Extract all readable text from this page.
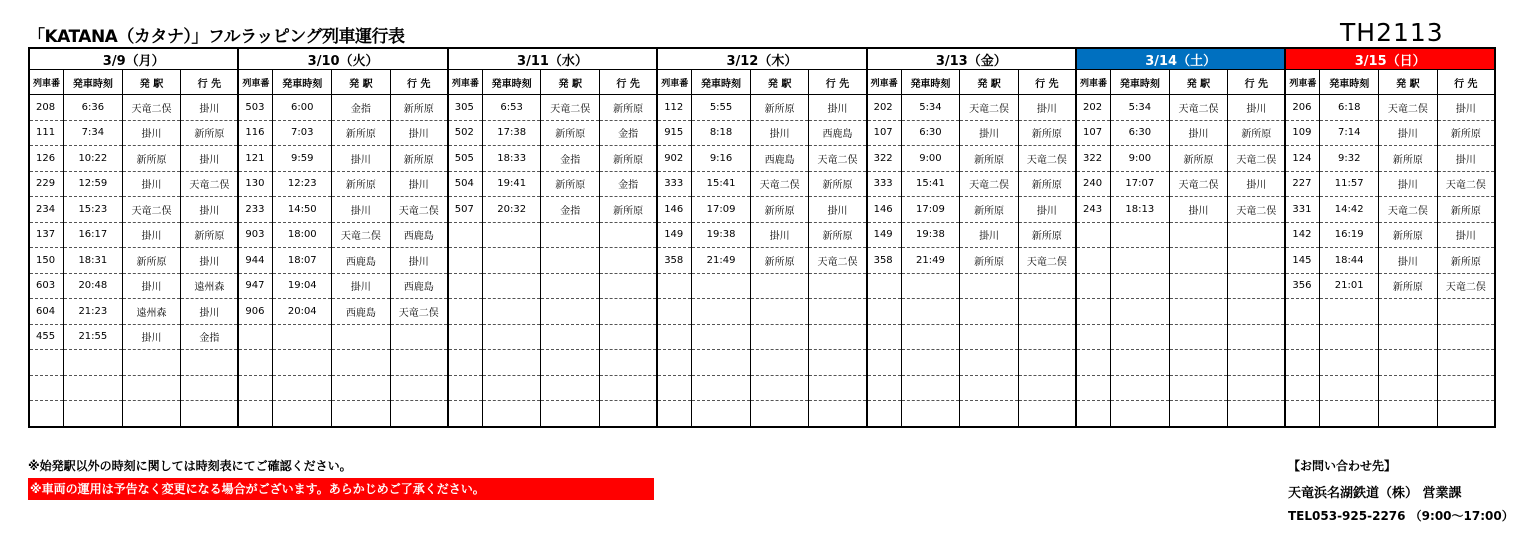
「KATANA（カタナ）」フルラッピング列車運行表	TH2113
3/9（月）				3/10（火）				3/11（水）				3/12（木）				3/13（金）				3/14（土）				3/15（日）			
列車番	発車時刻	発 駅	行 先	列車番	発車時刻	発 駅	行 先	列車番	発車時刻	発 駅	行 先	列車番	発車時刻	発 駅	行 先	列車番	発車時刻	発 駅	行 先	列車番	発車時刻	発 駅	行 先	列車番	発車時刻	発 駅	行 先
208	6:36	天竜二俣	掛川	503	6:00	金指	新所原	305	6:53	天竜二俣	新所原	112	5:55	新所原	掛川	202	5:34	天竜二俣	掛川	202	5:34	天竜二俣	掛川	206	6:18	天竜二俣	掛川
111	7:34	掛川	新所原	116	7:03	新所原	掛川	502	17:38	新所原	金指	915	8:18	掛川	西鹿島	107	6:30	掛川	新所原	107	6:30	掛川	新所原	109	7:14	掛川	新所原
126	10:22	新所原	掛川	121	9:59	掛川	新所原	505	18:33	金指	新所原	902	9:16	西鹿島	天竜二俣	322	9:00	新所原	天竜二俣	322	9:00	新所原	天竜二俣	124	9:32	新所原	掛川
229	12:59	掛川	天竜二俣	130	12:23	新所原	掛川	504	19:41	新所原	金指	333	15:41	天竜二俣	新所原	333	15:41	天竜二俣	新所原	240	17:07	天竜二俣	掛川	227	11:57	掛川	天竜二俣
234	15:23	天竜二俣	掛川	233	14:50	掛川	天竜二俣	507	20:32	金指	新所原	146	17:09	新所原	掛川	146	17:09	新所原	掛川	243	18:13	掛川	天竜二俣	331	14:42	天竜二俣	新所原
137	16:17	掛川	新所原	903	18:00	天竜二俣	西鹿島					149	19:38	掛川	新所原	149	19:38	掛川	新所原					142	16:19	新所原	掛川
150	18:31	新所原	掛川	944	18:07	西鹿島	掛川					358	21:49	新所原	天竜二俣	358	21:49	新所原	天竜二俣					145	18:44	掛川	新所原
603	20:48	掛川	遠州森	947	19:04	掛川	西鹿島																	356	21:01	新所原	天竜二俣
604	21:23	遠州森	掛川	906	20:04	西鹿島	天竜二俣																				
455	21:55	掛川	金指																								

※始発駅以外の時刻に関しては時刻表にてご確認ください。
※車両の運用は予告なく変更になる場合がございます。あらかじめご了承ください。
【お問い合わせ先】
天竜浜名湖鉄道（株） 営業課
TEL053-925-2276 （9:00～17:00）
